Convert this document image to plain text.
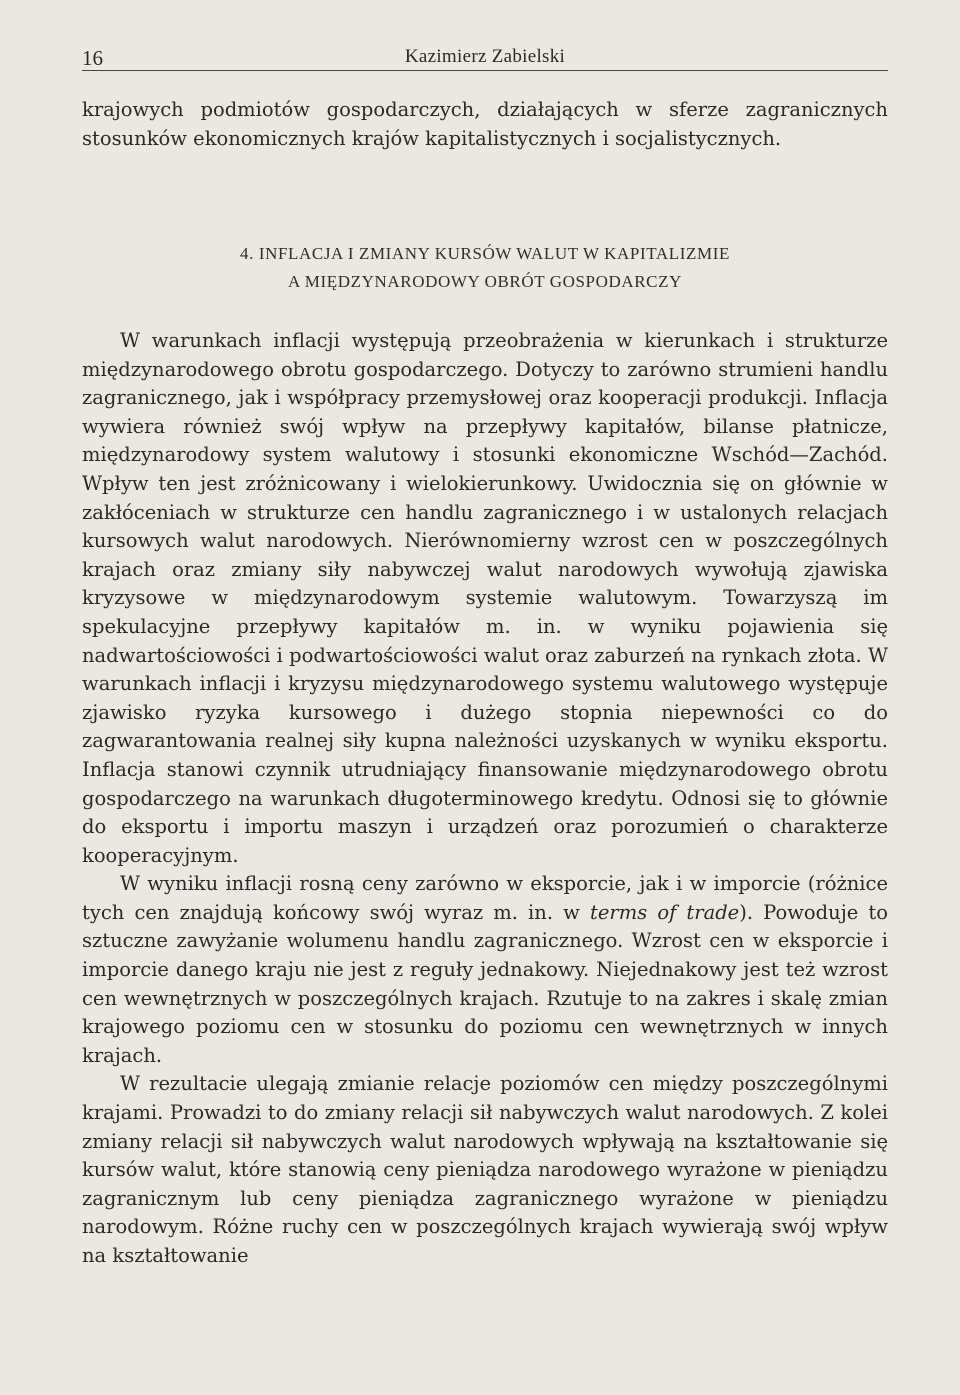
16	Kazimierz Zabielski

krajowych podmiotów gospodarczych, działających w sferze zagranicznych stosunków ekonomicznych krajów kapitalistycznych i socjalistycznych.

4. INFLACJA I ZMIANY KURSÓW WALUT W KAPITALIZMIE
A MIĘDZYNARODOWY OBRÓT GOSPODARCZY

W warunkach inflacji występują przeobrażenia w kierunkach i strukturze międzynarodowego obrotu gospodarczego. Dotyczy to zarówno strumieni handlu zagranicznego, jak i współpracy przemysłowej oraz kooperacji produkcji. Inflacja wywiera również swój wpływ na przepływy kapitałów, bilanse płatnicze, międzynarodowy system walutowy i stosunki ekonomiczne Wschód—Zachód. Wpływ ten jest zróżnicowany i wielokierunkowy. Uwidocznia się on głównie w zakłóceniach w strukturze cen handlu zagranicznego i w ustalonych relacjach kursowych walut narodowych. Nierównomierny wzrost cen w poszczególnych krajach oraz zmiany siły nabywczej walut narodowych wywołują zjawiska kryzysowe w międzynarodowym systemie walutowym. Towarzyszą im spekulacyjne przepływy kapitałów m. in. w wyniku pojawienia się nadwartościowości i podwartościowości walut oraz zaburzeń na rynkach złota. W warunkach inflacji i kryzysu międzynarodowego systemu walutowego występuje zjawisko ryzyka kursowego i dużego stopnia niepewności co do zagwarantowania realnej siły kupna należności uzyskanych w wyniku eksportu. Inflacja stanowi czynnik utrudniający finansowanie międzynarodowego obrotu gospodarczego na warunkach długoterminowego kredytu. Odnosi się to głównie do eksportu i importu maszyn i urządzeń oraz porozumień o charakterze kooperacyjnym.

W wyniku inflacji rosną ceny zarówno w eksporcie, jak i w imporcie (różnice tych cen znajdują końcowy swój wyraz m. in. w terms of trade). Powoduje to sztuczne zawyżanie wolumenu handlu zagranicznego. Wzrost cen w eksporcie i imporcie danego kraju nie jest z reguły jednakowy. Niejednakowy jest też wzrost cen wewnętrznych w poszczególnych krajach. Rzutuje to na zakres i skalę zmian krajowego poziomu cen w stosunku do poziomu cen wewnętrznych w innych krajach.

W rezultacie ulegają zmianie relacje poziomów cen między poszczególnymi krajami. Prowadzi to do zmiany relacji sił nabywczych walut narodowych. Z kolei zmiany relacji sił nabywczych walut narodowych wpływają na kształtowanie się kursów walut, które stanowią ceny pieniądza narodowego wyrażone w pieniądzu zagranicznym lub ceny pieniądza zagranicznego wyrażone w pieniądzu narodowym. Różne ruchy cen w poszczególnych krajach wywierają swój wpływ na kształtowanie
